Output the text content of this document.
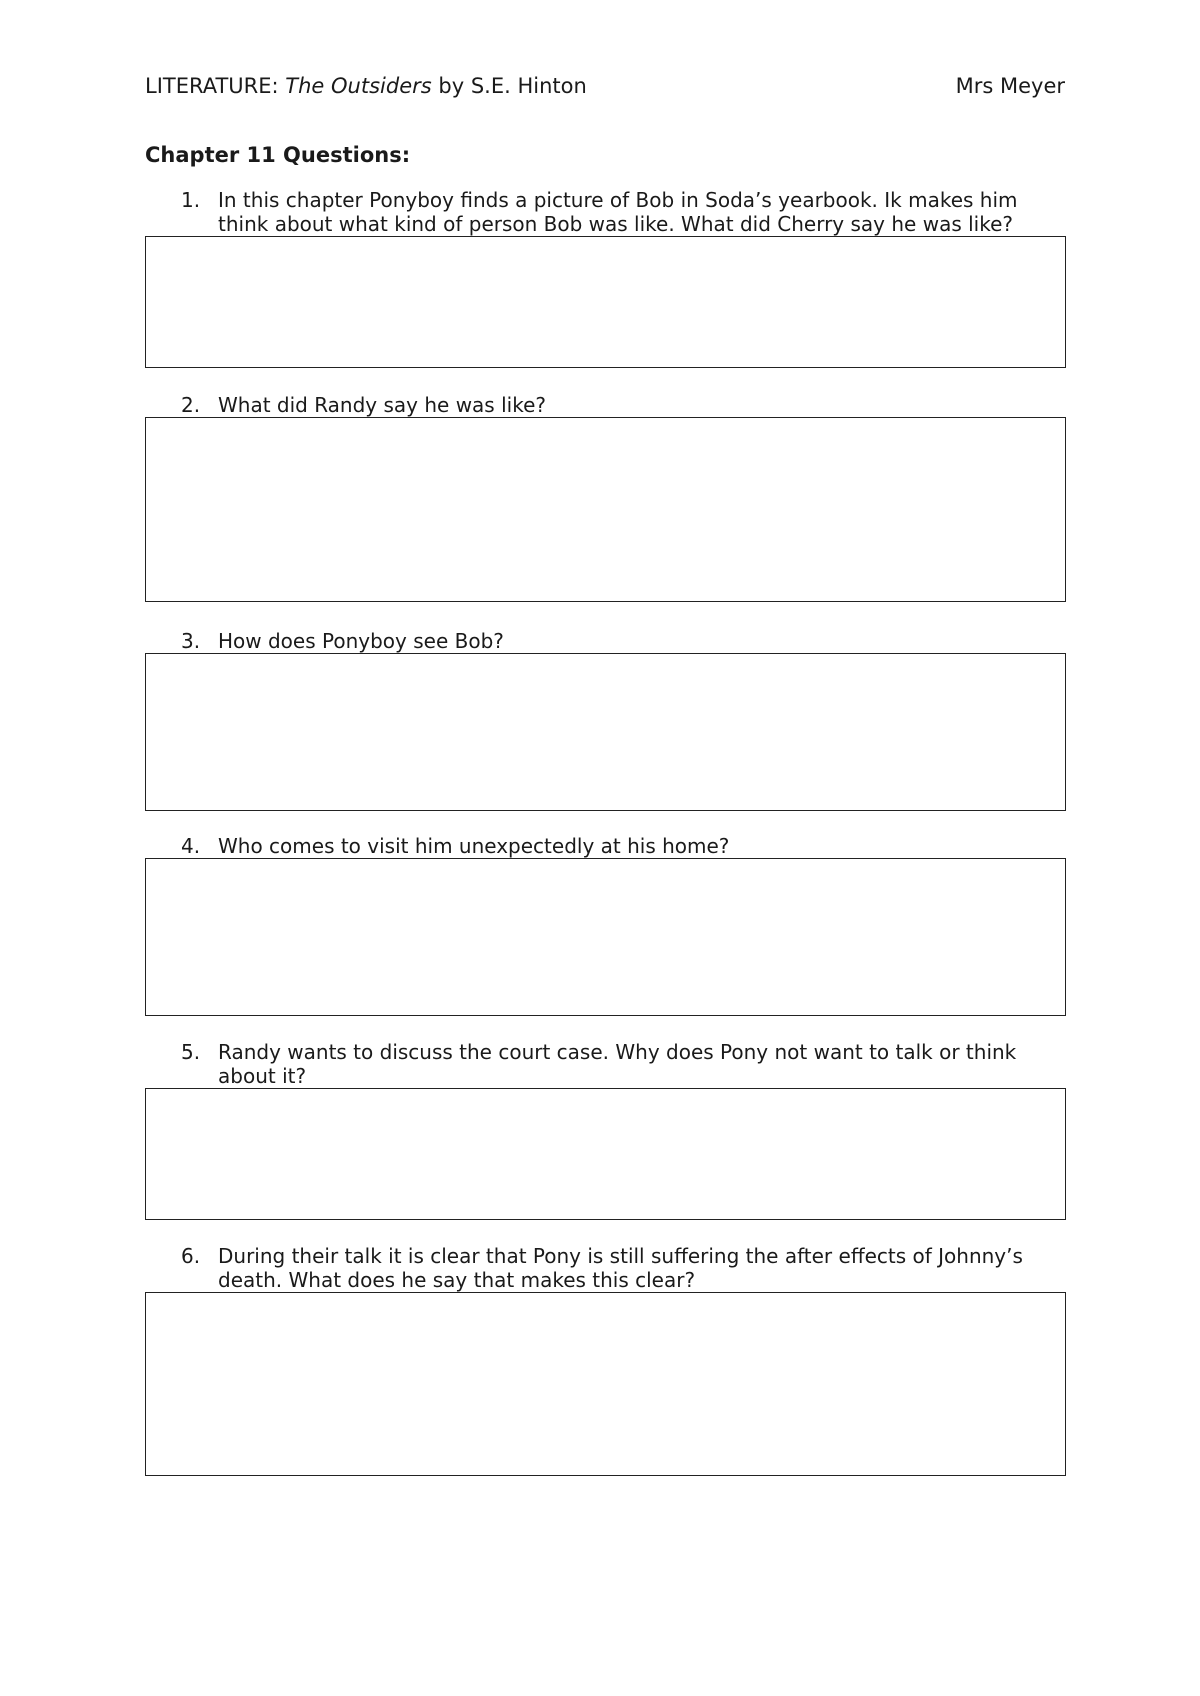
LITERATURE: The Outsiders by S.E. Hinton	Mrs Meyer
Chapter 11 Questions:
1. In this chapter Ponyboy finds a picture of Bob in Soda’s yearbook. Ik makes him
think about what kind of person Bob was like. What did Cherry say he was like?
2. What did Randy say he was like?
3. How does Ponyboy see Bob?
4. Who comes to visit him unexpectedly at his home?
5. Randy wants to discuss the court case. Why does Pony not want to talk or think
about it?
6. During their talk it is clear that Pony is still suffering the after effects of Johnny’s
death. What does he say that makes this clear?
